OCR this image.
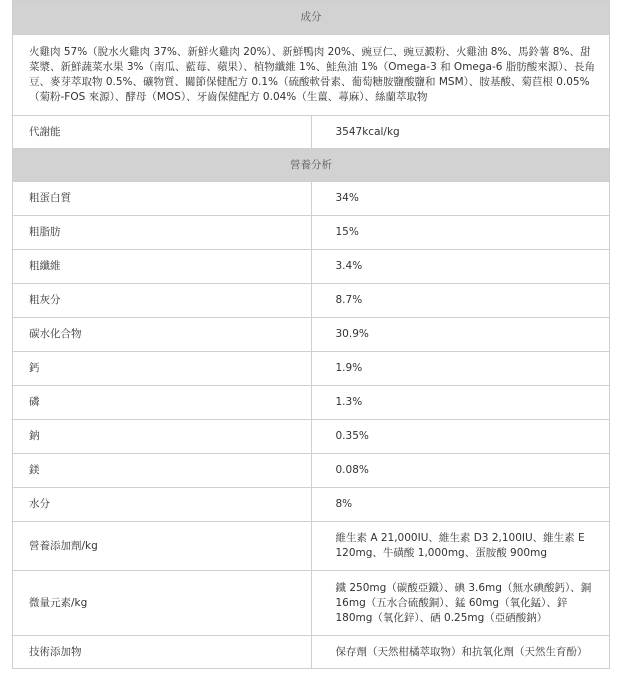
成分	
火雞肉 57%（脫水火雞肉 37%、新鮮火雞肉 20%）、新鮮鴨肉 20%、豌豆仁、豌豆澱粉、火雞油 8%、馬鈴薯 8%、甜菜漿、新鮮蔬菜水果 3%（南瓜、藍莓、蘋果）、植物纖維 1%、鮭魚油 1%（Omega-3 和 Omega-6 脂肪酸來源）、長角豆、麥芽萃取物 0.5%、礦物質、關節保健配方 0.1%（硫酸軟骨素、葡萄糖胺鹽酸鹽和 MSM）、胺基酸、菊苣根 0.05%（菊粉-FOS 來源）、酵母（MOS）、牙齒保健配方 0.04%（生薑、蕁麻）、絲蘭萃取物	
代謝能	3547kcal/kg
營養分析	
粗蛋白質	34%
粗脂肪	15%
粗纖維	3.4%
粗灰分	8.7%
碳水化合物	30.9%
鈣	1.9%
磷	1.3%
鈉	0.35%
鎂	0.08%
水分	8%
營養添加劑/kg	維生素 A 21,000IU、維生素 D3 2,100IU、維生素 E 120mg、牛磺酸 1,000mg、蛋胺酸 900mg
微量元素/kg	鐵 250mg（碳酸亞鐵）、碘 3.6mg（無水碘酸鈣）、銅 16mg（五水合硫酸銅）、錳 60mg（氧化錳）、鋅 180mg（氧化鋅）、硒 0.25mg（亞硒酸鈉）
技術添加物	保存劑（天然柑橘萃取物）和抗氧化劑（天然生育酚）
